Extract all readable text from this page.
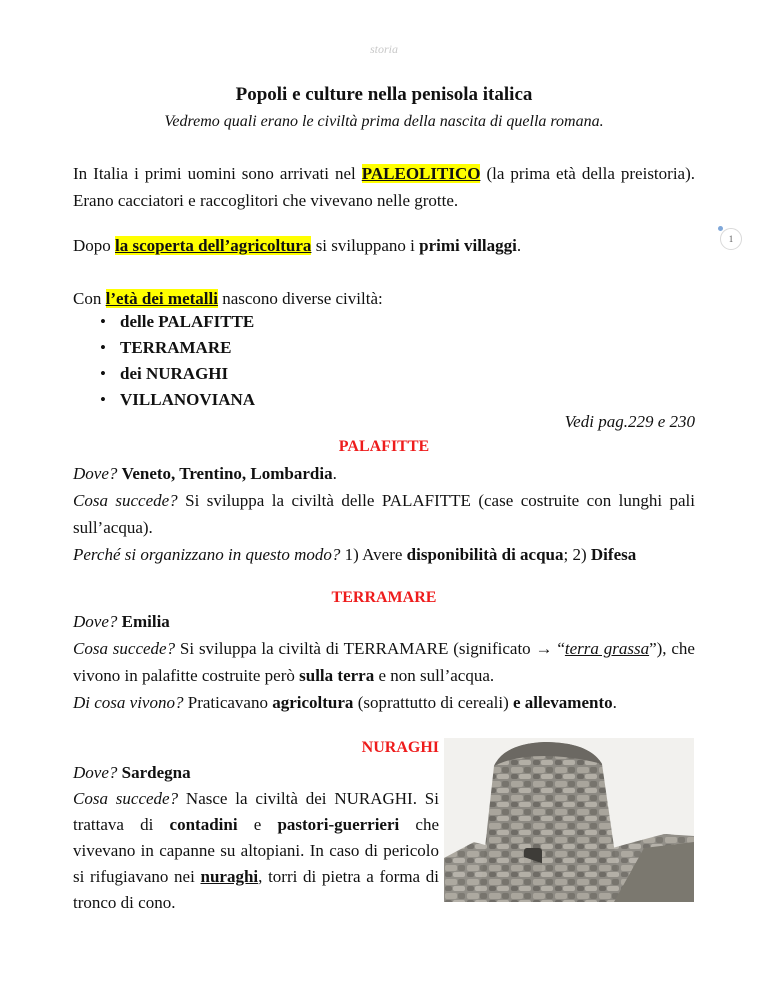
storia
1
Popoli e culture nella penisola italica
Vedremo quali erano le civiltà prima della nascita di quella romana.
In Italia i primi uomini sono arrivati nel PALEOLITICO (la prima età della preistoria). Erano cacciatori e raccoglitori che vivevano nelle grotte.
Dopo la scoperta dell’agricoltura si sviluppano i primi villaggi.
Con l’età dei metalli nascono diverse civiltà:
• delle PALAFITTE
• TERRAMARE
• dei NURAGHI
• VILLANOVIANA
Vedi pag.229 e 230
PALAFITTE
Dove? Veneto, Trentino, Lombardia.
Cosa succede? Si sviluppa la civiltà delle PALAFITTE (case costruite con lunghi pali sull’acqua).
Perché si organizzano in questo modo? 1) Avere disponibilità di acqua; 2) Difesa
TERRAMARE
Dove? Emilia
Cosa succede? Si sviluppa la civiltà di TERRAMARE (significato → “terra grassa”), che vivono in palafitte costruite però sulla terra e non sull’acqua.
Di cosa vivono? Praticavano agricoltura (soprattutto di cereali) e allevamento.
NURAGHI
Dove? Sardegna
Cosa succede? Nasce la civiltà dei NURAGHI. Si trattava di contadini e pastori-guerrieri che vivevano in capanne su altopiani. In caso di pericolo si rifugiavano nei nuraghi, torri di pietra a forma di tronco di cono.
